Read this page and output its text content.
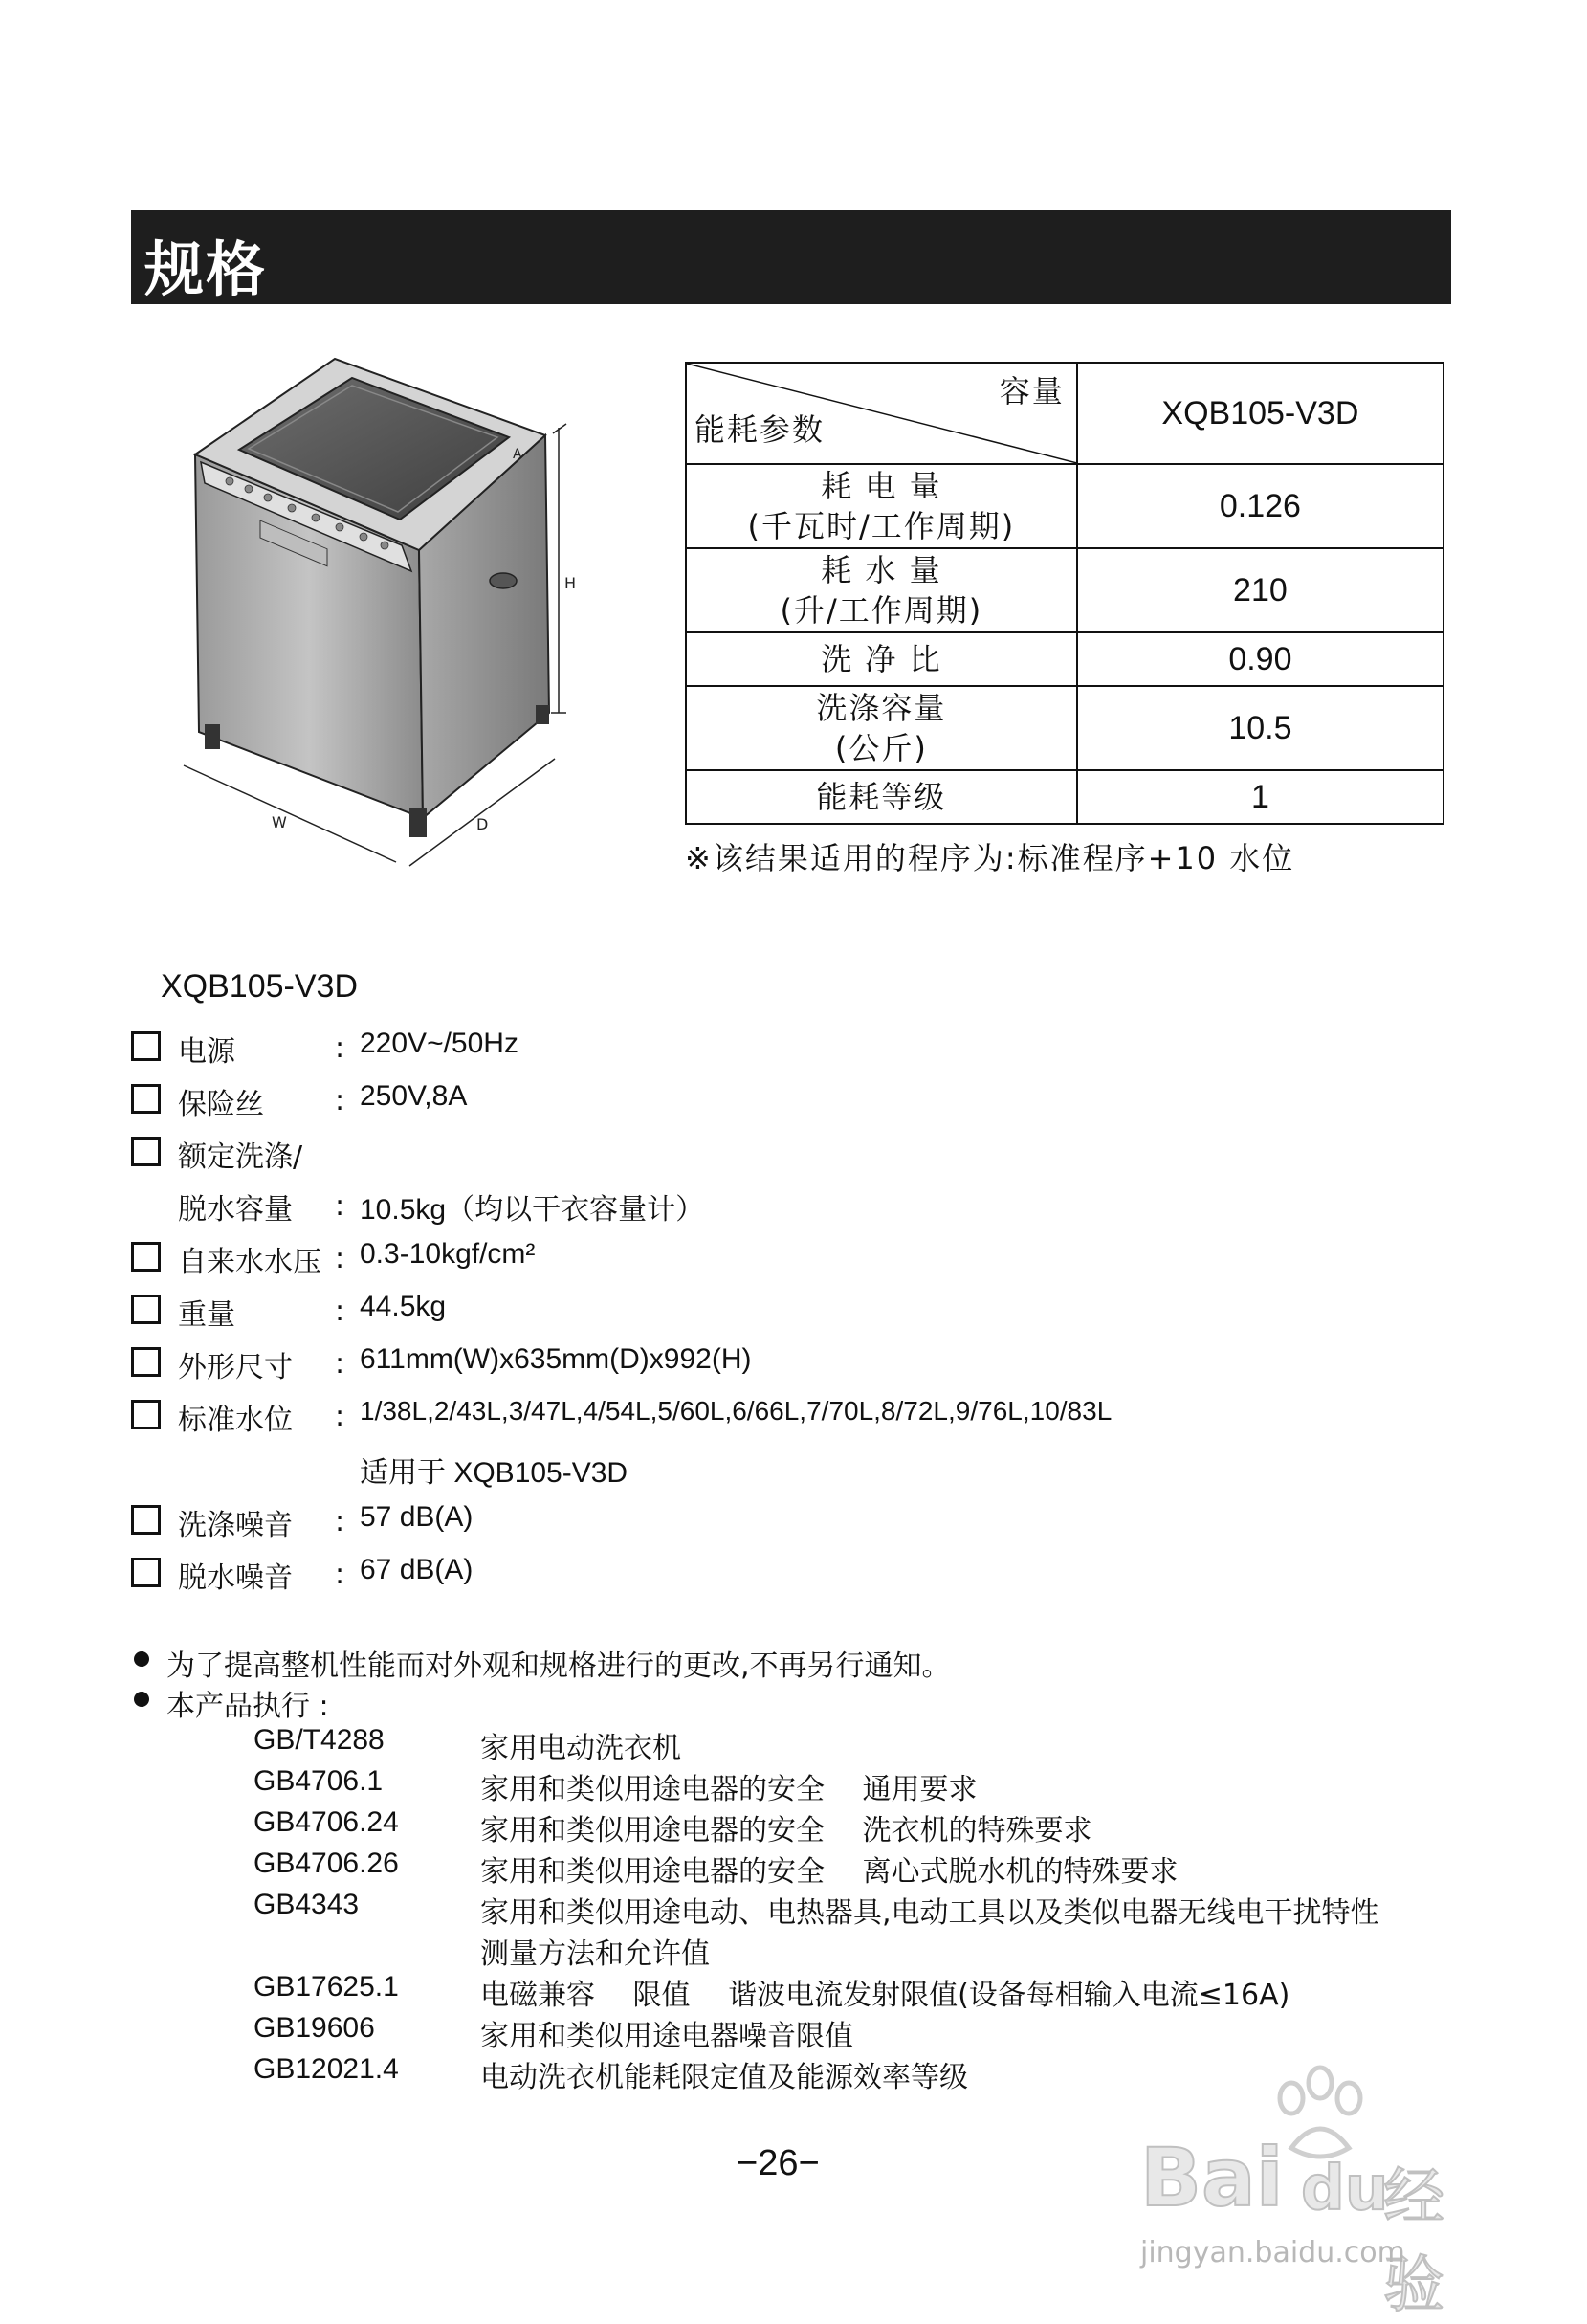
规格
A
H
W	D
容量
能耗参数	XQB105-V3D

耗 电 量
(千瓦时/工作周期)	0.126

耗 水 量
(升/工作周期)	210

洗 净 比	0.90

洗涤容量
(公斤)	10.5

能耗等级	1
※该结果适用的程序为:标准程序+10 水位
XQB105-V3D
电源	: 220V~/50Hz
保险丝 : 250V,8A
额定洗涤/
脱水容量 : 10.5kg（均以干衣容量计）
自来水水压 : 0.3-10kgf/cm²
重量	: 44.5kg
外形尺寸 : 611mm(W)x635mm(D)x992(H)
标准水位 : 1/38L,2/43L,3/47L,4/54L,5/60L,6/66L,7/70L,8/72L,9/76L,10/83L
适用于 XQB105-V3D
洗涤噪音 : 57 dB(A)
脱水噪音 : 67 dB(A)
为了提高整机性能而对外观和规格进行的更改,不再另行通知。
本产品执行 :
GB/T4288	家用电动洗衣机
GB4706.1	家用和类似用途电器的安全　 通用要求
GB4706.24	家用和类似用途电器的安全　 洗衣机的特殊要求
GB4706.26	家用和类似用途电器的安全　 离心式脱水机的特殊要求
GB4343	家用和类似用途电动、电热器具,电动工具以及类似电器无线电干扰特性
测量方法和允许值
GB17625.1	电磁兼容　 限值　 谐波电流发射限值(设备每相输入电流≤16A)
GB19606	家用和类似用途电器噪音限值
GB12021.4	电动洗衣机能耗限定值及能源效率等级
−26−	Bai du
经验
jingyan.baidu.com
